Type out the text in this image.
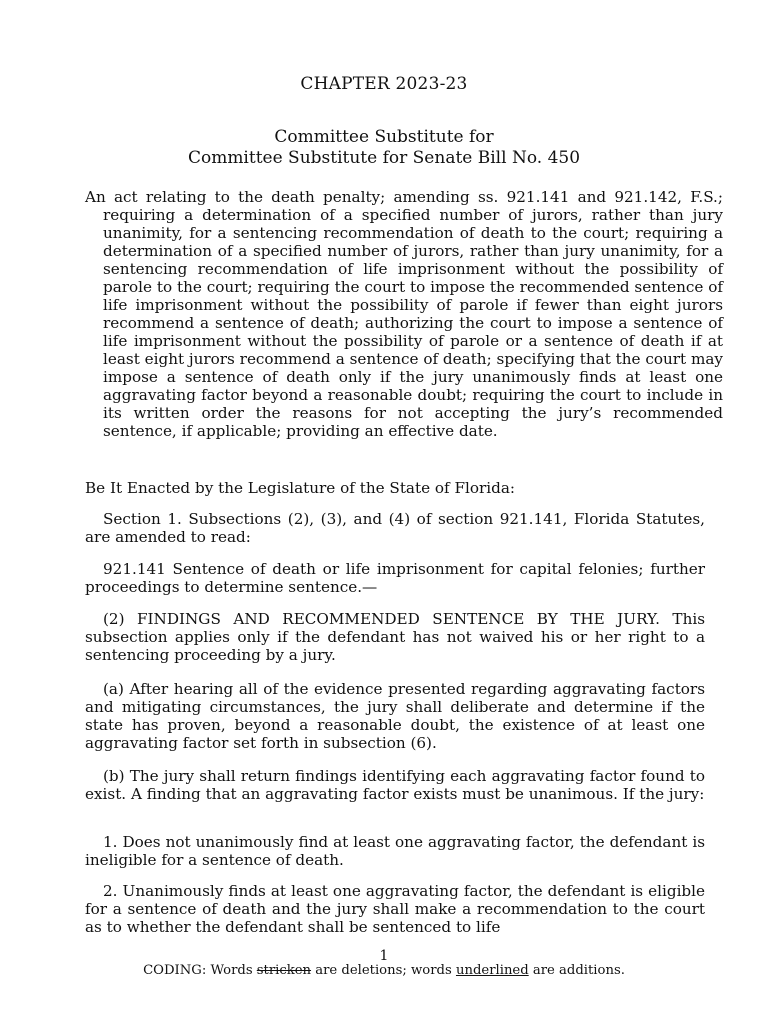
CHAPTER 2023-23
Committee Substitute for
Committee Substitute for Senate Bill No. 450
An act relating to the death penalty; amending ss. 921.141 and 921.142, F.S.; requiring a determination of a specified number of jurors, rather than jury unanimity, for a sentencing recommendation of death to the court; requiring a determination of a specified number of jurors, rather than jury unanimity, for a sentencing recommendation of life imprisonment without the possibility of parole to the court; requiring the court to impose the recommended sentence of life imprisonment without the possibility of parole if fewer than eight jurors recommend a sentence of death; authorizing the court to impose a sentence of life imprisonment without the possibility of parole or a sentence of death if at least eight jurors recommend a sentence of death; specifying that the court may impose a sentence of death only if the jury unanimously finds at least one aggravating factor beyond a reasonable doubt; requiring the court to include in its written order the reasons for not accepting the jury’s recommended sentence, if applicable; providing an effective date.
Be It Enacted by the Legislature of the State of Florida:
Section 1. Subsections (2), (3), and (4) of section 921.141, Florida Statutes, are amended to read:
921.141 Sentence of death or life imprisonment for capital felonies; further proceedings to determine sentence.—
(2) FINDINGS AND RECOMMENDED SENTENCE BY THE JURY. This subsection applies only if the defendant has not waived his or her right to a sentencing proceeding by a jury.
(a) After hearing all of the evidence presented regarding aggravating factors and mitigating circumstances, the jury shall deliberate and determine if the state has proven, beyond a reasonable doubt, the existence of at least one aggravating factor set forth in subsection (6).
(b) The jury shall return findings identifying each aggravating factor found to exist. A finding that an aggravating factor exists must be unanimous. If the jury:
1. Does not unanimously find at least one aggravating factor, the defendant is ineligible for a sentence of death.
2. Unanimously finds at least one aggravating factor, the defendant is eligible for a sentence of death and the jury shall make a recommendation to the court as to whether the defendant shall be sentenced to life
1
CODING: Words stricken are deletions; words underlined are additions.
